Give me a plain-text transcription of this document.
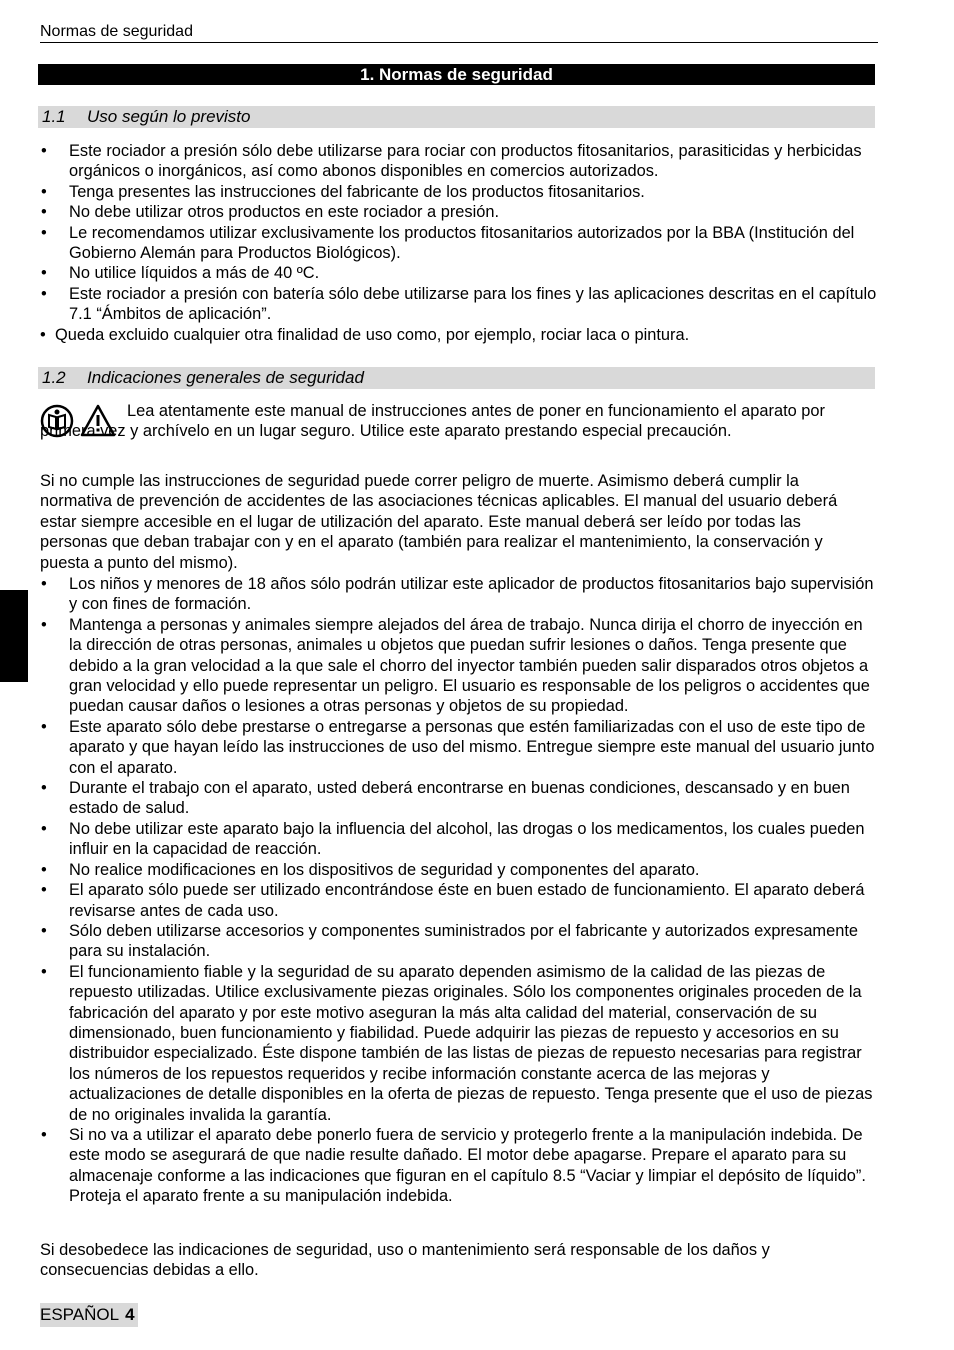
Normas de seguridad
1. Normas de seguridad
1.1 Uso según lo previsto
• Este rociador a presión sólo debe utilizarse para rociar con productos fitosanitarios, parasiticidas y herbicidas orgánicos o inorgánicos, así como abonos disponibles en comercios autorizados.
• Tenga presentes las instrucciones del fabricante de los productos fitosanitarios.
• No debe utilizar otros productos en este rociador a presión.
• Le recomendamos utilizar exclusivamente los productos fitosanitarios autorizados por la BBA (Institución del Gobierno Alemán para Productos Biológicos).
• No utilice líquidos a más de 40 ºC.
• Este rociador a presión con batería sólo debe utilizarse para los fines y las aplicaciones descritas en el capítulo 7.1 “Ámbitos de aplicación”.
• Queda excluido cualquier otra finalidad de uso como, por ejemplo, rociar laca o pintura.
1.2 Indicaciones generales de seguridad
Lea atentamente este manual de instrucciones antes de poner en funcionamiento el aparato por primera vez y archívelo en un lugar seguro. Utilice este aparato prestando especial precaución.
Si no cumple las instrucciones de seguridad puede correr peligro de muerte. Asimismo deberá cumplir la normativa de prevención de accidentes de las asociaciones técnicas aplicables. El manual del usuario deberá estar siempre accesible en el lugar de utilización del aparato. Este manual deberá ser leído por todas las personas que deban trabajar con y en el aparato (también para realizar el mantenimiento, la conservación y puesta a punto del mismo).
• Los niños y menores de 18 años sólo podrán utilizar este aplicador de productos fitosanitarios bajo supervisión y con fines de formación.
• Mantenga a personas y animales siempre alejados del área de trabajo. Nunca dirija el chorro de inyección en la dirección de otras personas, animales u objetos que puedan sufrir lesiones o daños. Tenga presente que debido a la gran velocidad a la que sale el chorro del inyector también pueden salir disparados otros objetos a gran velocidad y ello puede representar un peligro. El usuario es responsable de los peligros o accidentes que puedan causar daños o lesiones a otras personas y objetos de su propiedad.
• Este aparato sólo debe prestarse o entregarse a personas que estén familiarizadas con el uso de este tipo de aparato y que hayan leído las instrucciones de uso del mismo. Entregue siempre este manual del usuario junto con el aparato.
• Durante el trabajo con el aparato, usted deberá encontrarse en buenas condiciones, descansado y en buen estado de salud.
• No debe utilizar este aparato bajo la influencia del alcohol, las drogas o los medicamentos, los cuales pueden influir en la capacidad de reacción.
• No realice modificaciones en los dispositivos de seguridad y componentes del aparato.
• El aparato sólo puede ser utilizado encontrándose éste en buen estado de funcionamiento. El aparato deberá revisarse antes de cada uso.
• Sólo deben utilizarse accesorios y componentes suministrados por el fabricante y autorizados expresamente para su instalación.
• El funcionamiento fiable y la seguridad de su aparato dependen asimismo de la calidad de las piezas de repuesto utilizadas. Utilice exclusivamente piezas originales. Sólo los componentes originales proceden de la fabricación del aparato y por este motivo aseguran la más alta calidad del material, conservación de su dimensionado, buen funcionamiento y fiabilidad. Puede adquirir las piezas de repuesto y accesorios en su distribuidor especializado. Éste dispone también de las listas de piezas de repuesto necesarias para registrar los números de los repuestos requeridos y recibe información constante acerca de las mejoras y actualizaciones de detalle disponibles en la oferta de piezas de repuesto. Tenga presente que el uso de piezas de no originales invalida la garantía.
• Si no va a utilizar el aparato debe ponerlo fuera de servicio y protegerlo frente a la manipulación indebida. De este modo se asegurará de que nadie resulte dañado. El motor debe apagarse. Prepare el aparato para su almacenaje conforme a las indicaciones que figuran en el capítulo 8.5 “Vaciar y limpiar el depósito de líquido”. Proteja el aparato frente a su manipulación indebida.
Si desobedece las indicaciones de seguridad, uso o mantenimiento será responsable de los daños y consecuencias debidas a ello.
ESPAÑOL 4
